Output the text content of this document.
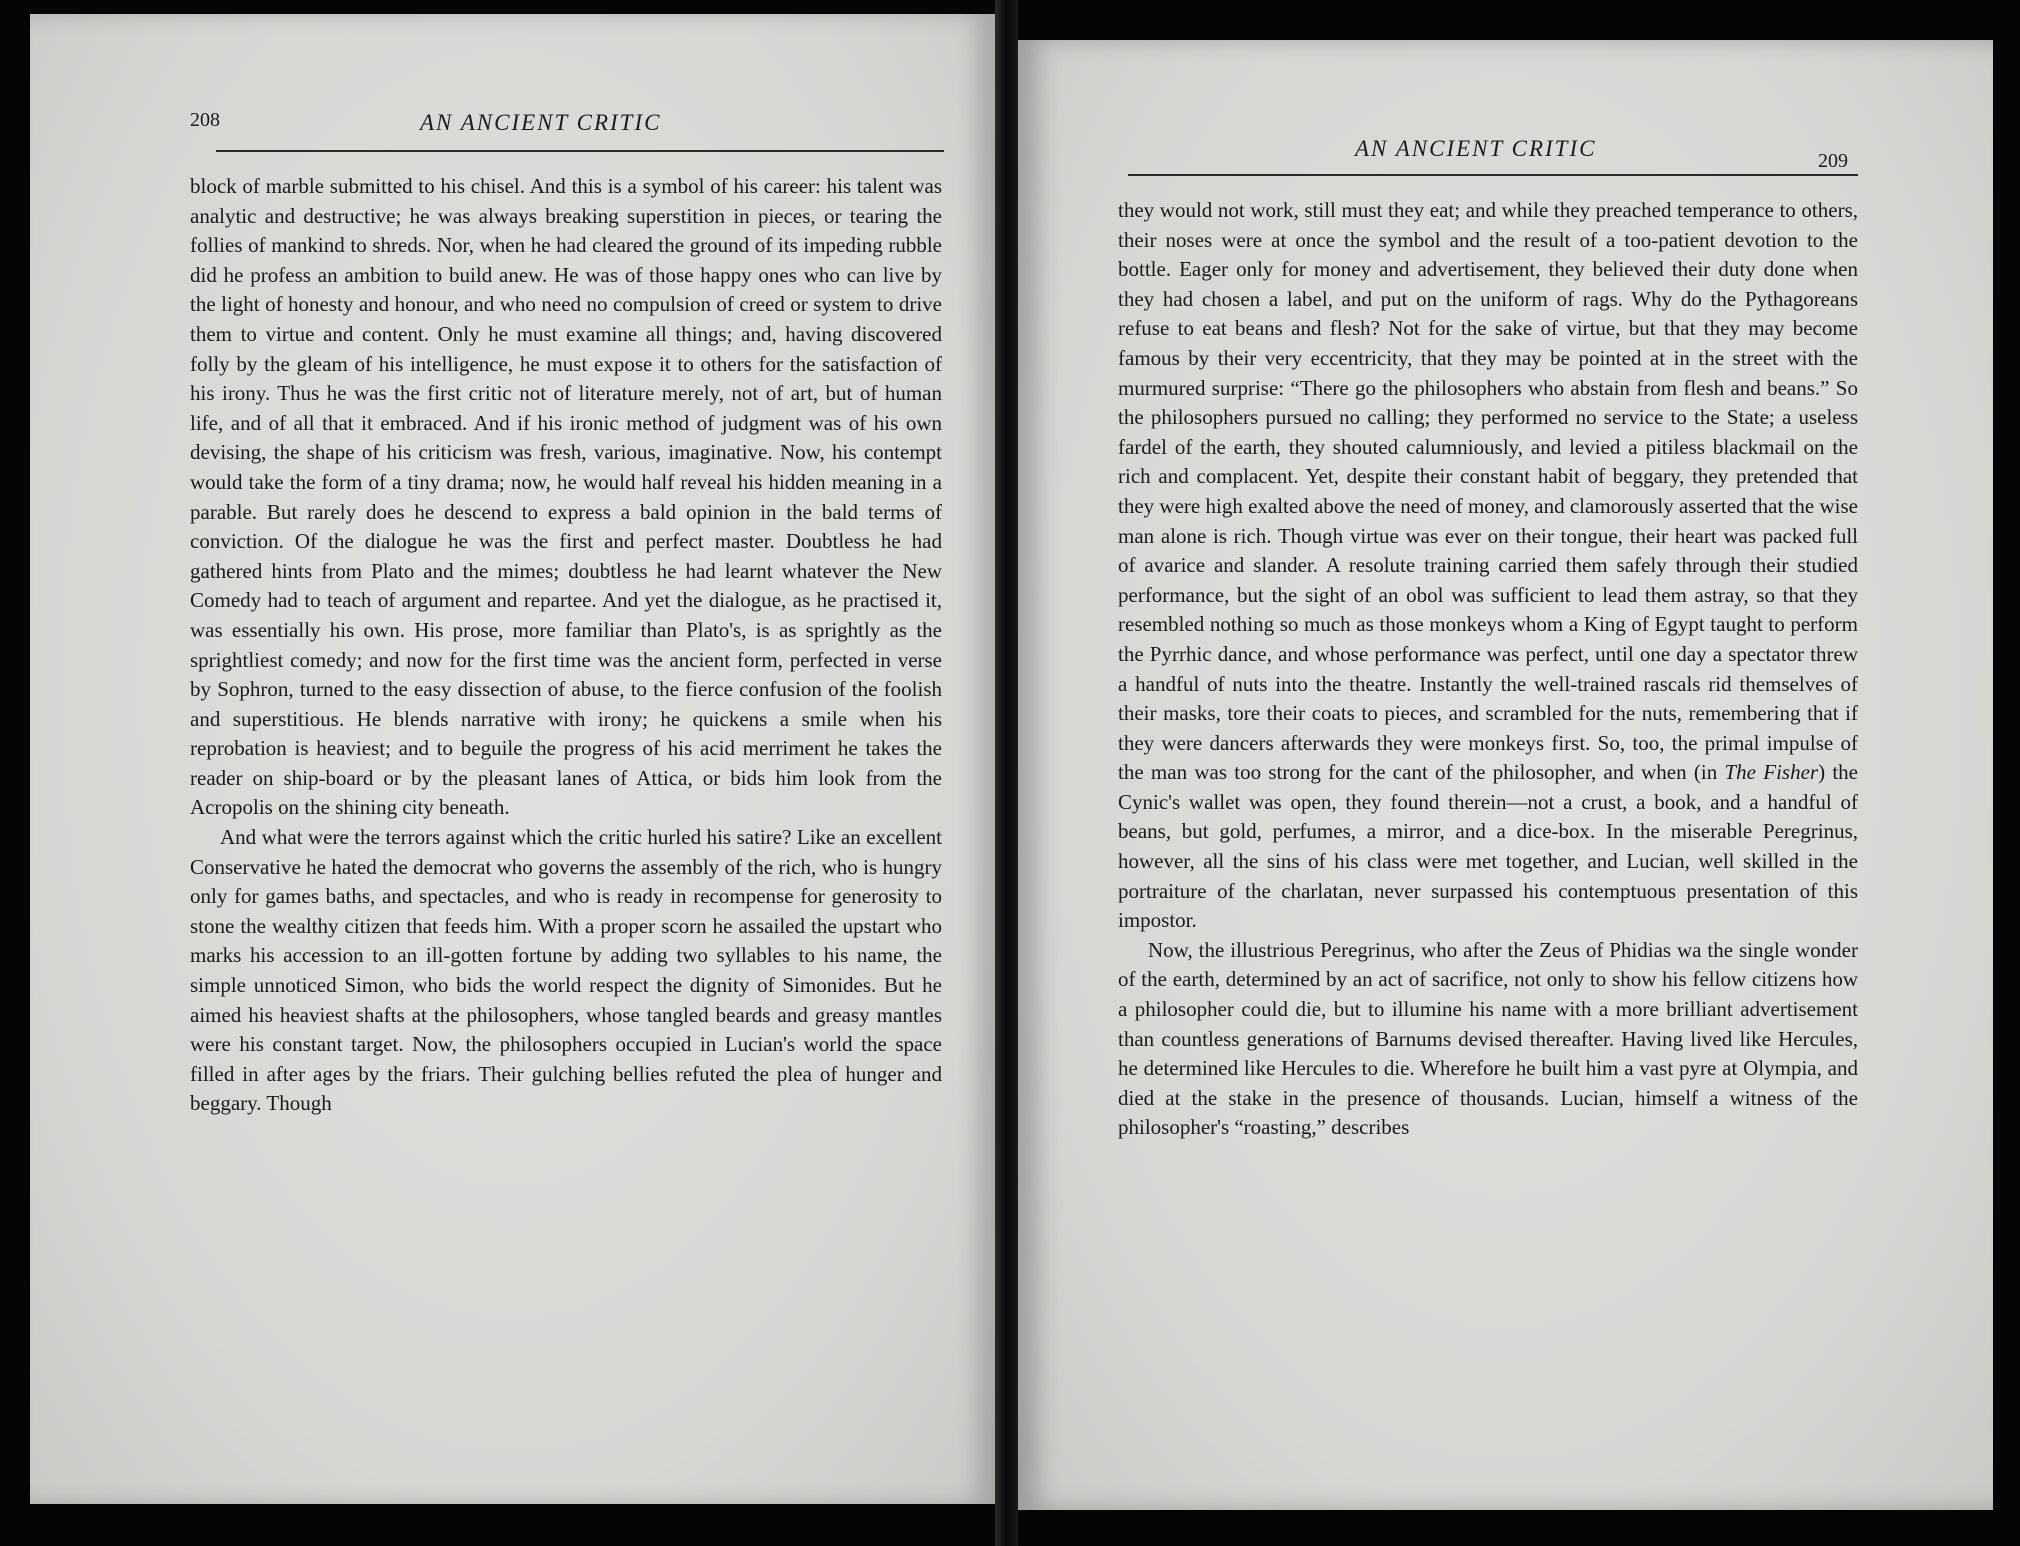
208	AN ANCIENT CRITIC

block of marble submitted to his chisel. And this is a symbol of his career: his talent was analytic and destructive; he was always breaking superstition in pieces, or tearing the follies of mankind to shreds. Nor, when he had cleared the ground of its impeding rubble did he profess an ambition to build anew. He was of those happy ones who can live by the light of honesty and honour, and who need no compulsion of creed or system to drive them to virtue and content. Only he must examine all things; and, having discovered folly by the gleam of his intelligence, he must expose it to others for the satisfaction of his irony. Thus he was the first critic not of literature merely, not of art, but of human life, and of all that it embraced. And if his ironic method of judgment was of his own devising, the shape of his criticism was fresh, various, imaginative. Now, his contempt would take the form of a tiny drama; now, he would half reveal his hidden meaning in a parable. But rarely does he descend to express a bald opinion in the bald terms of conviction. Of the dialogue he was the first and perfect master. Doubtless he had gathered hints from Plato and the mimes; doubtless he had learnt whatever the New Comedy had to teach of argument and repartee. And yet the dialogue, as he practised it, was essentially his own. His prose, more familiar than Plato's, is as sprightly as the sprightliest comedy; and now for the first time was the ancient form, perfected in verse by Sophron, turned to the easy dissection of abuse, to the fierce confusion of the foolish and superstitious. He blends narrative with irony; he quickens a smile when his reprobation is heaviest; and to beguile the progress of his acid merriment he takes the reader on ship-board or by the pleasant lanes of Attica, or bids him look from the Acropolis on the shining city beneath.

And what were the terrors against which the critic hurled his satire? Like an excellent Conservative he hated the democrat who governs the assembly of the rich, who is hungry only for games baths, and spectacles, and who is ready in recompense for generosity to stone the wealthy citizen that feeds him. With a proper scorn he assailed the upstart who marks his accession to an ill-gotten fortune by adding two syllables to his name, the simple unnoticed Simon, who bids the world respect the dignity of Simonides. But he aimed his heaviest shafts at the philosophers, whose tangled beards and greasy mantles were his constant target. Now, the philosophers occupied in Lucian's world the space filled in after ages by the friars. Their gulching bellies refuted the plea of hunger and beggary. Though

AN ANCIENT CRITIC	209

they would not work, still must they eat; and while they preached temperance to others, their noses were at once the symbol and the result of a too-patient devotion to the bottle. Eager only for money and advertisement, they believed their duty done when they had chosen a label, and put on the uniform of rags. Why do the Pythagoreans refuse to eat beans and flesh? Not for the sake of virtue, but that they may become famous by their very eccentricity, that they may be pointed at in the street with the murmured surprise: “There go the philosophers who abstain from flesh and beans.” So the philosophers pursued no calling; they performed no service to the State; a useless fardel of the earth, they shouted calumniously, and levied a pitiless blackmail on the rich and complacent. Yet, despite their constant habit of beggary, they pretended that they were high exalted above the need of money, and clamorously asserted that the wise man alone is rich. Though virtue was ever on their tongue, their heart was packed full of avarice and slander. A resolute training carried them safely through their studied performance, but the sight of an obol was sufficient to lead them astray, so that they resembled nothing so much as those monkeys whom a King of Egypt taught to perform the Pyrrhic dance, and whose performance was perfect, until one day a spectator threw a handful of nuts into the theatre. Instantly the well-trained rascals rid themselves of their masks, tore their coats to pieces, and scrambled for the nuts, remembering that if they were dancers afterwards they were monkeys first. So, too, the primal impulse of the man was too strong for the cant of the philosopher, and when (in The Fisher) the Cynic's wallet was open, they found therein—not a crust, a book, and a handful of beans, but gold, perfumes, a mirror, and a dice-box. In the miserable Peregrinus, however, all the sins of his class were met together, and Lucian, well skilled in the portraiture of the charlatan, never surpassed his contemptuous presentation of this impostor.

Now, the illustrious Peregrinus, who after the Zeus of Phidias wa the single wonder of the earth, determined by an act of sacrifice, not only to show his fellow citizens how a philosopher could die, but to illumine his name with a more brilliant advertisement than countless generations of Barnums devised thereafter. Having lived like Hercules, he determined like Hercules to die. Wherefore he built him a vast pyre at Olympia, and died at the stake in the presence of thousands. Lucian, himself a witness of the philosopher's “roasting,” describes
